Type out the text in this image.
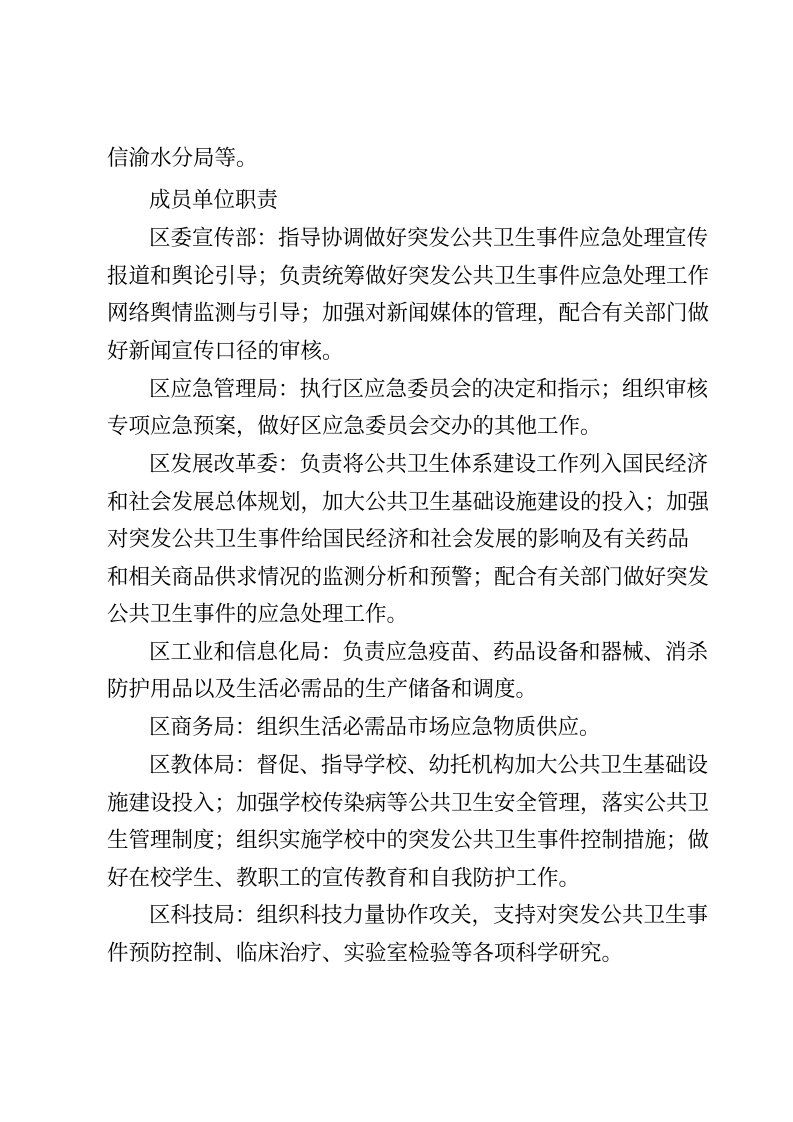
信渝水分局等。
成员单位职责
区委宣传部：指导协调做好突发公共卫生事件应急处理宣传
报道和舆论引导；负责统筹做好突发公共卫生事件应急处理工作
网络舆情监测与引导；加强对新闻媒体的管理，配合有关部门做
好新闻宣传口径的审核。
区应急管理局：执行区应急委员会的决定和指示；组织审核
专项应急预案，做好区应急委员会交办的其他工作。
区发展改革委：负责将公共卫生体系建设工作列入国民经济
和社会发展总体规划，加大公共卫生基础设施建设的投入；加强
对突发公共卫生事件给国民经济和社会发展的影响及有关药品
和相关商品供求情况的监测分析和预警；配合有关部门做好突发
公共卫生事件的应急处理工作。
区工业和信息化局：负责应急疫苗、药品设备和器械、消杀
防护用品以及生活必需品的生产储备和调度。
区商务局：组织生活必需品市场应急物质供应。
区教体局：督促、指导学校、幼托机构加大公共卫生基础设
施建设投入；加强学校传染病等公共卫生安全管理，落实公共卫
生管理制度；组织实施学校中的突发公共卫生事件控制措施；做
好在校学生、教职工的宣传教育和自我防护工作。
区科技局：组织科技力量协作攻关，支持对突发公共卫生事
件预防控制、临床治疗、实验室检验等各项科学研究。
